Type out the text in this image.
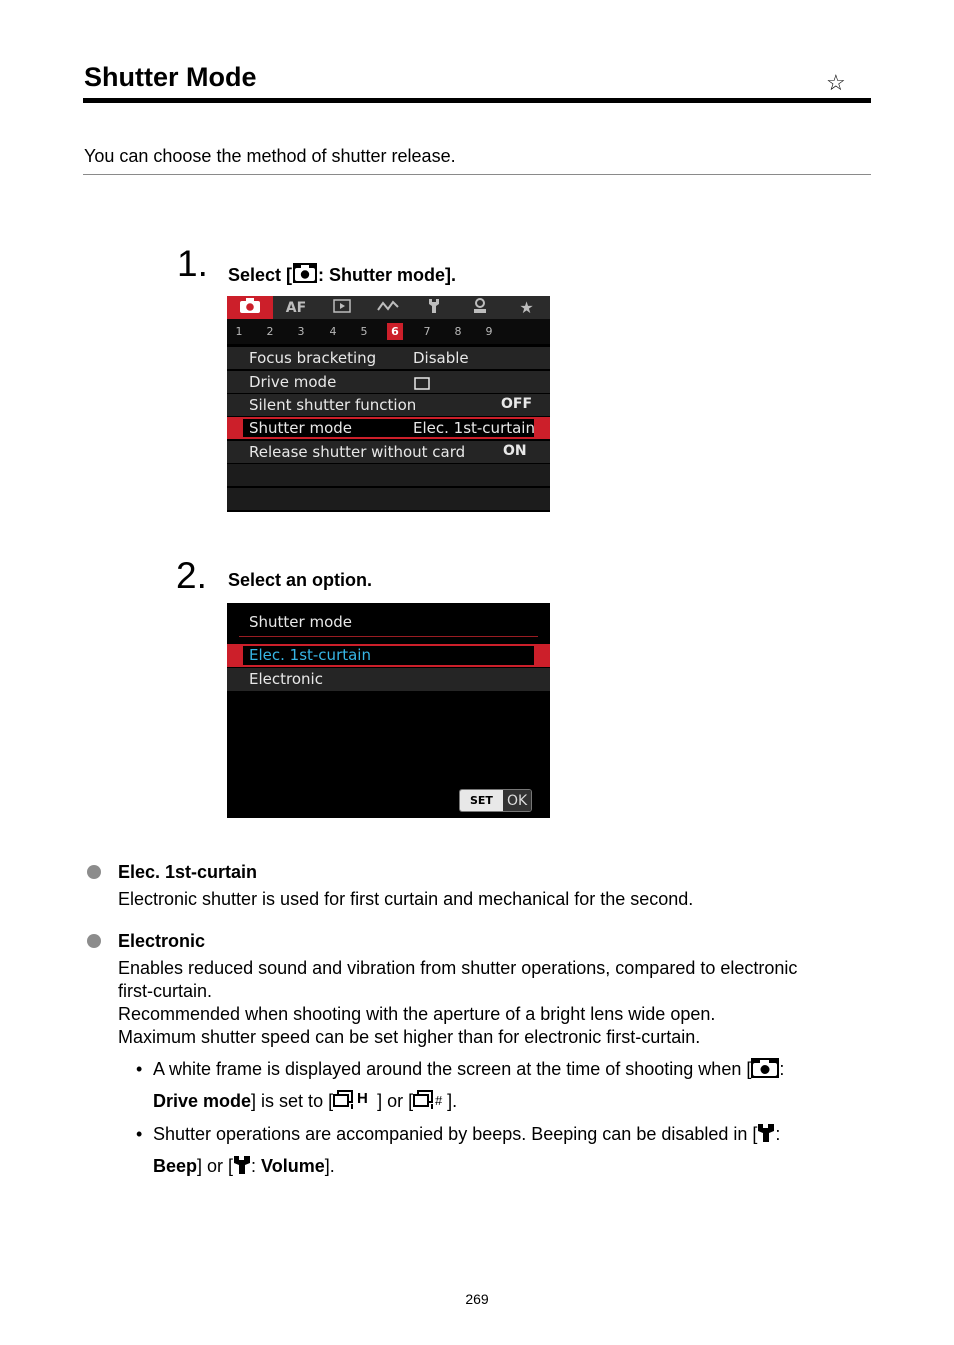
Shutter Mode	☆
You can choose the method of shutter release.
1. Select [ : Shutter mode].
AF	★
1	2	3	4	5	6	7	8	9
Focus bracketing Disable
Drive mode
Silent shutter function	OFF
Shutter mode	Elec. 1st-curtain
Release shutter without card	ON
2. Select an option.
Shutter mode
Elec. 1st-curtain
Electronic
SET	OK
Elec. 1st-curtain
Electronic shutter is used for first curtain and mechanical for the second.
Electronic
Enables reduced sound and vibration from shutter operations, compared to electronic
first-curtain.
Recommended when shooting with the aperture of a bright lens wide open.
Maximum shutter speed can be set higher than for electronic first-curtain.
• A white frame is displayed around the screen at the time of shooting when [ :
Drive mode] is set to [ H ] or [ # ].
• Shutter operations are accompanied by beeps. Beeping can be disabled in [ :
Beep] or [ : Volume].
269
